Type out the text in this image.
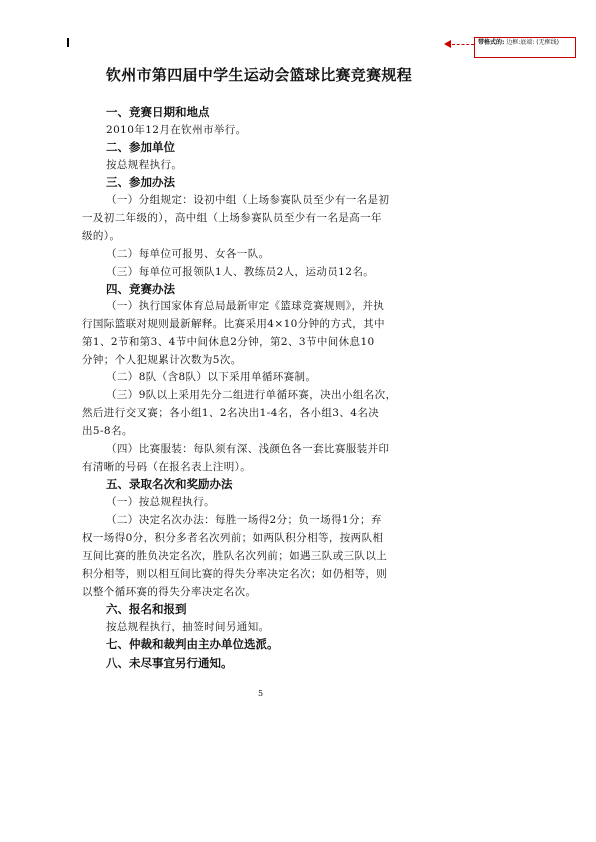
带格式的: 边框:底端: (无框线)
钦州市第四届中学生运动会篮球比赛竞赛规程
一、竞赛日期和地点
2010年12月在钦州市举行。
二、参加单位
按总规程执行。
三、参加办法
（一）分组规定：设初中组（上场参赛队员至少有一名是初
一及初二年级的），高中组（上场参赛队员至少有一名是高一年
级的）。
（二）每单位可报男、女各一队。
（三）每单位可报领队1人、教练员2人，运动员12名。
四、竞赛办法
（一）执行国家体育总局最新审定《篮球竞赛规则》，并执
行国际篮联对规则最新解释。比赛采用4×10分钟的方式，其中
第1、2节和第3、4节中间休息2分钟，第2、3节中间休息10
分钟；个人犯规累计次数为5次。
（二）8队（含8队）以下采用单循环赛制。
（三）9队以上采用先分二组进行单循环赛，决出小组名次，
然后进行交叉赛；各小组1、2名决出1-4名，各小组3、4名决
出5-8名。
（四）比赛服装：每队须有深、浅颜色各一套比赛服装并印
有清晰的号码（在报名表上注明）。
五、录取名次和奖励办法
（一）按总规程执行。
（二）决定名次办法：每胜一场得2分；负一场得1分；弃
权一场得0分，积分多者名次列前；如两队积分相等，按两队相
互间比赛的胜负决定名次，胜队名次列前；如遇三队或三队以上
积分相等，则以相互间比赛的得失分率决定名次；如仍相等，则
以整个循环赛的得失分率决定名次。
六、报名和报到
按总规程执行，抽签时间另通知。
七、仲裁和裁判由主办单位选派。
八、未尽事宜另行通知。
5
